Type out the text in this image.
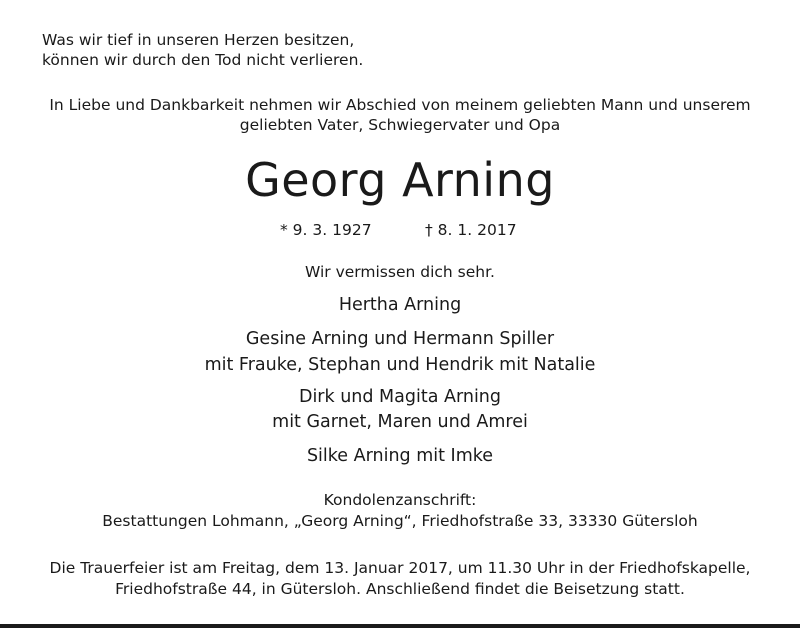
Was wir tief in unseren Herzen besitzen,
können wir durch den Tod nicht verlieren.
In Liebe und Dankbarkeit nehmen wir Abschied von meinem geliebten Mann und unserem
geliebten Vater, Schwiegervater und Opa
Georg Arning
* 9. 3. 1927	† 8. 1. 2017
Wir vermissen dich sehr.
Hertha Arning
Gesine Arning und Hermann Spiller
mit Frauke, Stephan und Hendrik mit Natalie
Dirk und Magita Arning
mit Garnet, Maren und Amrei
Silke Arning mit Imke
Kondolenzanschrift:
Bestattungen Lohmann, „Georg Arning“, Friedhofstraße 33, 33330 Gütersloh
Die Trauerfeier ist am Freitag, dem 13. Januar 2017, um 11.30 Uhr in der Friedhofskapelle,
Friedhofstraße 44, in Gütersloh. Anschließend findet die Beisetzung statt.
